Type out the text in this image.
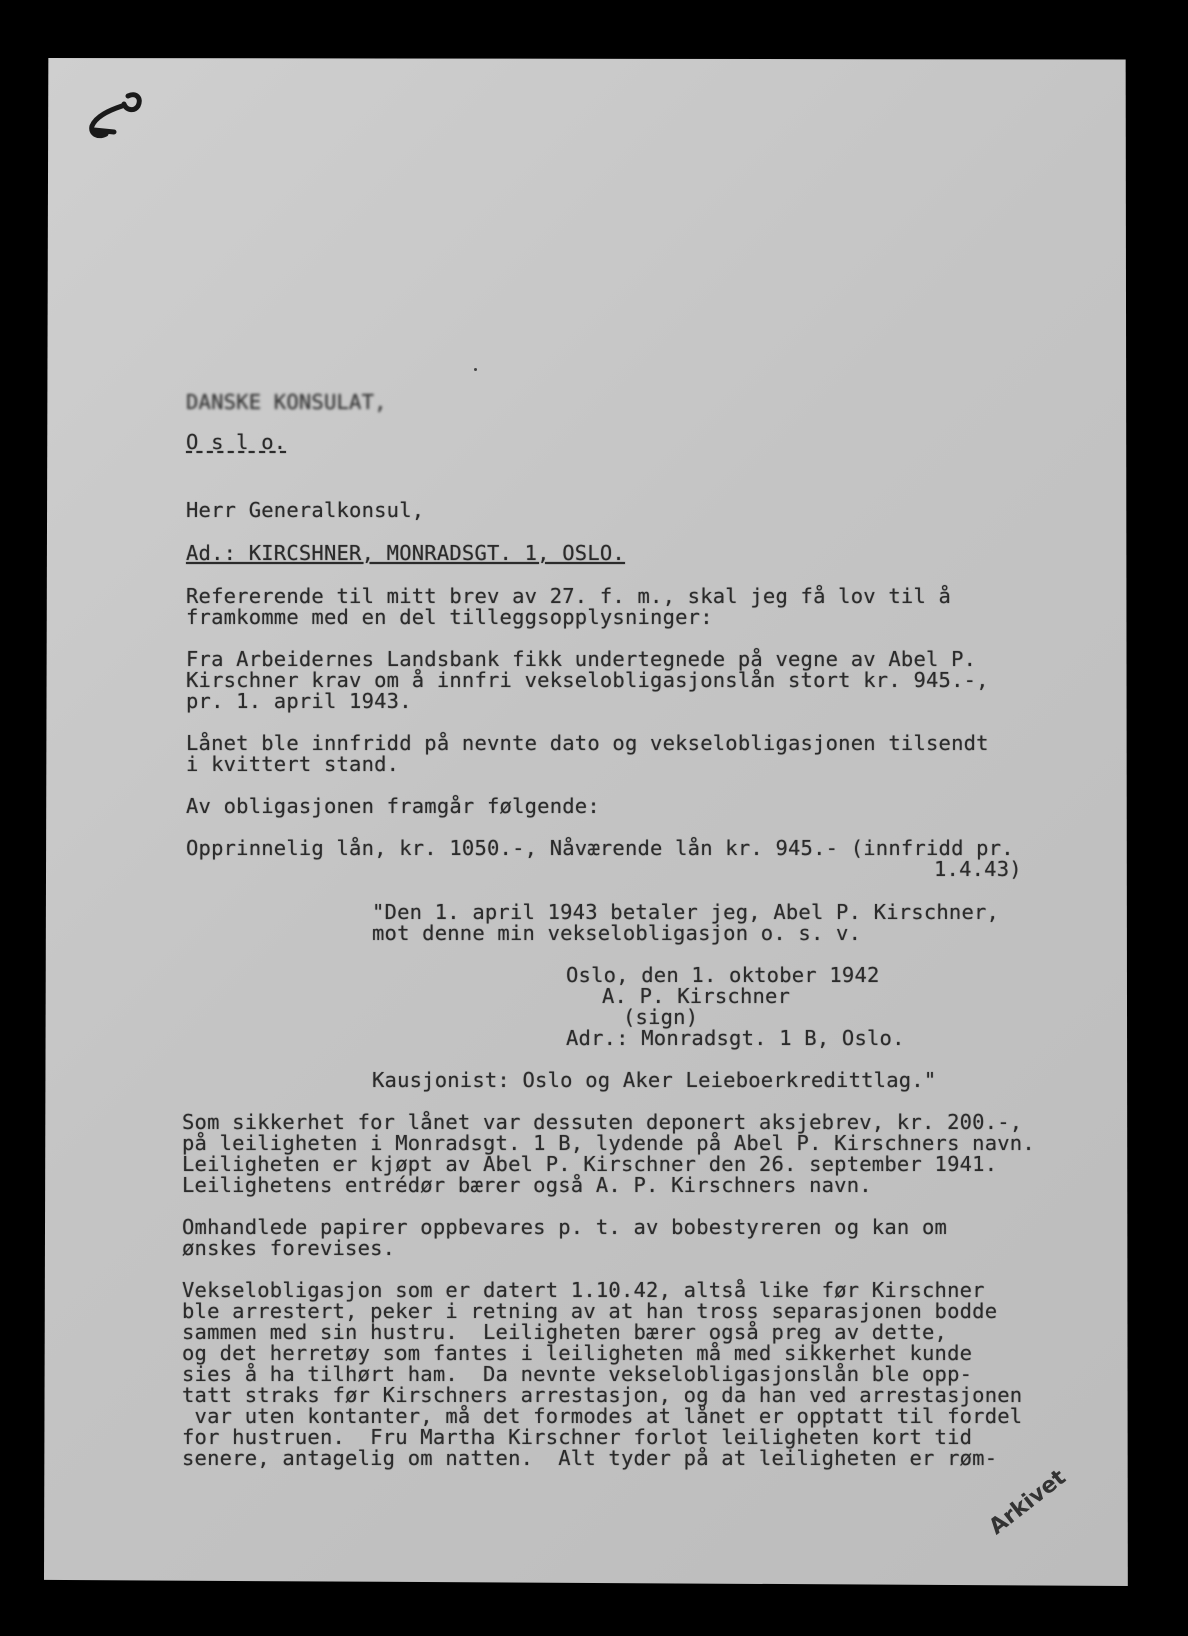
DANSKE KONSULAT,
O s l o.
Herr Generalkonsul,
Ad.: KIRCSHNER, MONRADSGT. 1, OSLO.
Refererende til mitt brev av 27. f. m., skal jeg få lov til å
framkomme med en del tilleggsopplysninger:
Fra Arbeidernes Landsbank fikk undertegnede på vegne av Abel P.
Kirschner krav om å innfri vekselobligasjonslån stort kr. 945.-,
pr. 1. april 1943.
Lånet ble innfridd på nevnte dato og vekselobligasjonen tilsendt
i kvittert stand.
Av obligasjonen framgår følgende:
Opprinnelig lån, kr. 1050.-, Nåværende lån kr. 945.- (innfridd pr.
1.4.43)
"Den 1. april 1943 betaler jeg, Abel P. Kirschner,
mot denne min vekselobligasjon o. s. v.
Oslo, den 1. oktober 1942
A. P. Kirschner
(sign)
Adr.: Monradsgt. 1 B, Oslo.
Kausjonist: Oslo og Aker Leieboerkredittlag."
Som sikkerhet for lånet var dessuten deponert aksjebrev, kr. 200.-,
på leiligheten i Monradsgt. 1 B, lydende på Abel P. Kirschners navn.
Leiligheten er kjøpt av Abel P. Kirschner den 26. september 1941.
Leilighetens entrédør bærer også A. P. Kirschners navn.
Omhandlede papirer oppbevares p. t. av bobestyreren og kan om
ønskes forevises.
Vekselobligasjon som er datert 1.10.42, altså like før Kirschner
ble arrestert, peker i retning av at han tross separasjonen bodde
sammen med sin hustru.  Leiligheten bærer også preg av dette,
og det herretøy som fantes i leiligheten må med sikkerhet kunde
sies å ha tilhørt ham.  Da nevnte vekselobligasjonslån ble opp-
tatt straks før Kirschners arrestasjon, og da han ved arrestasjonen
var uten kontanter, må det formodes at lånet er opptatt til fordel
for hustruen.  Fru Martha Kirschner forlot leiligheten kort tid
senere, antagelig om natten.  Alt tyder på at leiligheten er røm-
Arkivet
